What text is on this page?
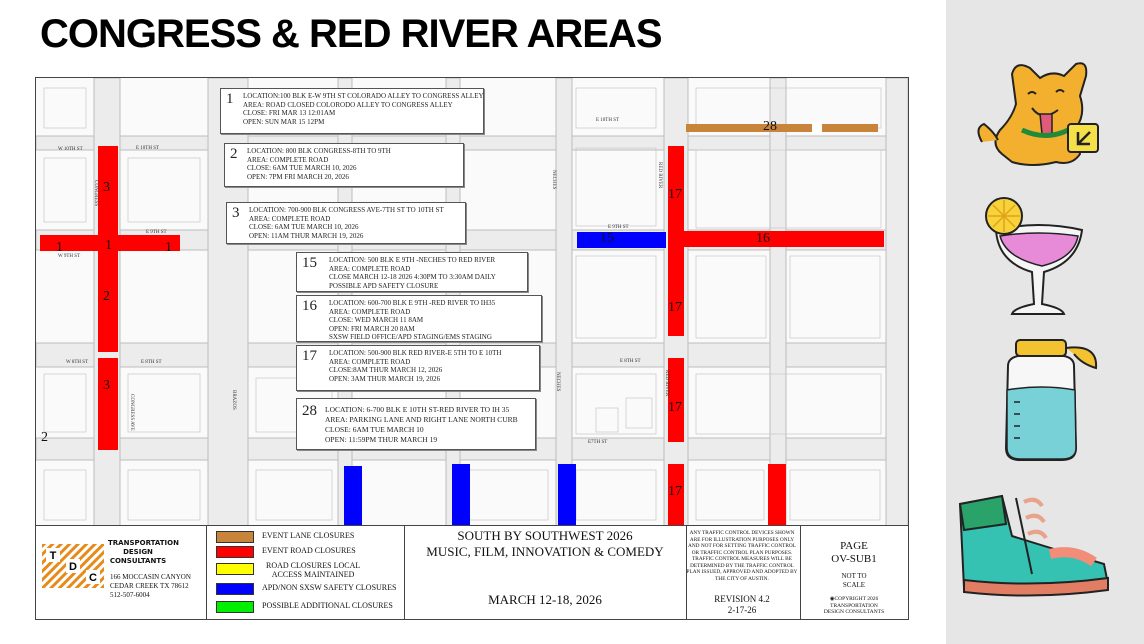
CONGRESS & RED RIVER AREAS
1	1	1
2
2
3
3
15	16
17
17
17
17
28
W 10TH ST	E 10TH ST
E 10TH ST
E 9TH ST
W 9TH ST
E 9TH ST
W 8TH ST	E 8TH ST	E 8TH ST
E7TH ST
CONGRESS
CONGRESS AVE	BRAZOS
NECHES
NECHES
RED RIVER
RED RIVER
1 LOCATION:100 BLK E-W 9TH ST COLORADO ALLEY TO CONGRESS ALLEY
AREA: ROAD CLOSED COLORODO ALLEY TO CONGRESS ALLEY
CLOSE: FRI MAR 13 12:01AM
OPEN: SUN MAR 15 12PM
2 LOCATION: 800 BLK CONGRESS-8TH TO 9TH
AREA: COMPLETE ROAD
CLOSE: 6AM TUE MARCH 10, 2026
OPEN: 7PM FRI MARCH 20, 2026
3 LOCATION: 700-900 BLK CONGRESS AVE-7TH ST TO 10TH ST
AREA: COMPLETE ROAD
CLOSE: 6AM TUE MARCH 10, 2026
OPEN: 11AM THUR MARCH 19, 2026
15 LOCATION: 500 BLK E 9TH -NECHES TO RED RIVER
AREA: COMPLETE ROAD
CLOSE MARCH 12-18 2026 4:30PM TO 3:30AM DAILY
POSSIBLE APD SAFETY CLOSURE
16 LOCATION: 600-700 BLK E 9TH -RED RIVER TO IH35
AREA: COMPLETE ROAD
CLOSE: WED MARCH 11 8AM
OPEN: FRI MARCH 20 8AM
SXSW FIELD OFFICE/APD STAGING/EMS STAGING
17 LOCATION: 500-900 BLK RED RIVER-E 5TH TO E 10TH
AREA: COMPLETE ROAD
CLOSE:8AM THUR MARCH 12, 2026
OPEN: 3AM THUR MARCH 19, 2026
28 LOCATION: 6-700 BLK E 10TH ST-RED RIVER TO IH 35
AREA: PARKING LANE AND RIGHT LANE NORTH CURB
CLOSE: 6AM TUE MARCH 10
OPEN: 11:59PM THUR MARCH 19
T
D
C
TRANSPORTATION
DESIGN
CONSULTANTS
166 MOCCASIN CANYON
CEDAR CREEK TX 78612
512-507-6004
EVENT LANE CLOSURES
EVENT ROAD CLOSURES
ROAD CLOSURES LOCAL
ACCESS MAINTAINED
APD/NON SXSW SAFETY CLOSURES
POSSIBLE ADDITIONAL CLOSURES
SOUTH BY SOUTHWEST 2026
MUSIC, FILM, INNOVATION & COMEDY
MARCH 12-18, 2026
ANY TRAFFIC CONTROL DEVICES SHOWN ARE FOR ILLUSTRATION PURPOSES ONLY AND NOT FOR SETTING TRAFFIC CONTROL OR TRAFFIC CONTROL PLAN PURPOSES. TRAFFIC CONTROL MEASURES WILL BE DETERMINED BY THE TRAFFIC CONTROL PLAN ISSUED, APPROVED AND ADOPTED BY THE CITY OF AUSTIN.
REVISION 4.2
2-17-26
PAGE
OV-SUB1
NOT TO
SCALE
◉COPYRIGHT 2026
TRANSPORTATION
DESIGN CONSULTANTS
